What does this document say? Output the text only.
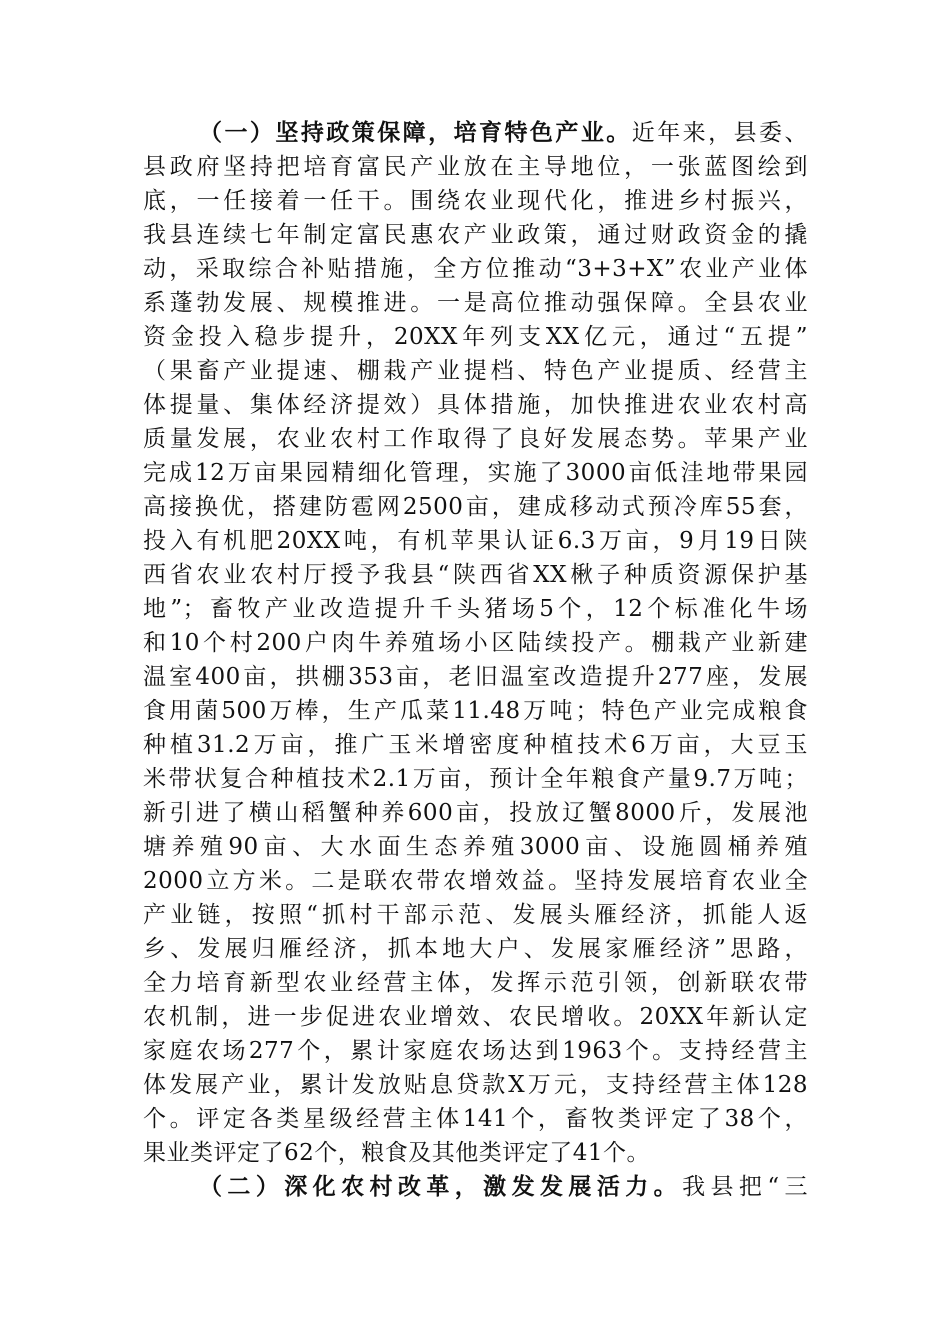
（一）坚持政策保障，培育特色产业。近年来，县委、
县政府坚持把培育富民产业放在主导地位，一张蓝图绘到
底，一任接着一任干。围绕农业现代化，推进乡村振兴，
我县连续七年制定富民惠农产业政策，通过财政资金的撬
动，采取综合补贴措施，全方位推动“3+3+X”农业产业体
系蓬勃发展、规模推进。一是高位推动强保障。全县农业
资金投入稳步提升，20XX年列支XX亿元，通过“五提”
（果畜产业提速、棚栽产业提档、特色产业提质、经营主
体提量、集体经济提效）具体措施，加快推进农业农村高
质量发展，农业农村工作取得了良好发展态势。苹果产业
完成12万亩果园精细化管理，实施了3000亩低洼地带果园
高接换优，搭建防雹网2500亩，建成移动式预冷库55套，
投入有机肥20XX吨，有机苹果认证6.3万亩，9月19日陕
西省农业农村厅授予我县“陕西省XX楸子种质资源保护基
地”；畜牧产业改造提升千头猪场5个，12个标准化牛场
和10个村200户肉牛养殖场小区陆续投产。棚栽产业新建
温室400亩，拱棚353亩，老旧温室改造提升277座，发展
食用菌500万棒，生产瓜菜11.48万吨；特色产业完成粮食
种植31.2万亩，推广玉米增密度种植技术6万亩，大豆玉
米带状复合种植技术2.1万亩，预计全年粮食产量9.7万吨；
新引进了横山稻蟹种养600亩，投放辽蟹8000斤，发展池
塘养殖90亩、大水面生态养殖3000亩、设施圆桶养殖
2000立方米。二是联农带农增效益。坚持发展培育农业全
产业链，按照“抓村干部示范、发展头雁经济，抓能人返
乡、发展归雁经济，抓本地大户、发展家雁经济”思路，
全力培育新型农业经营主体，发挥示范引领，创新联农带
农机制，进一步促进农业增效、农民增收。20XX年新认定
家庭农场277个，累计家庭农场达到1963个。支持经营主
体发展产业，累计发放贴息贷款X万元，支持经营主体128
个。评定各类星级经营主体141个，畜牧类评定了38个，
果业类评定了62个，粮食及其他类评定了41个。
（二）深化农村改革，激发发展活力。我县把“三
